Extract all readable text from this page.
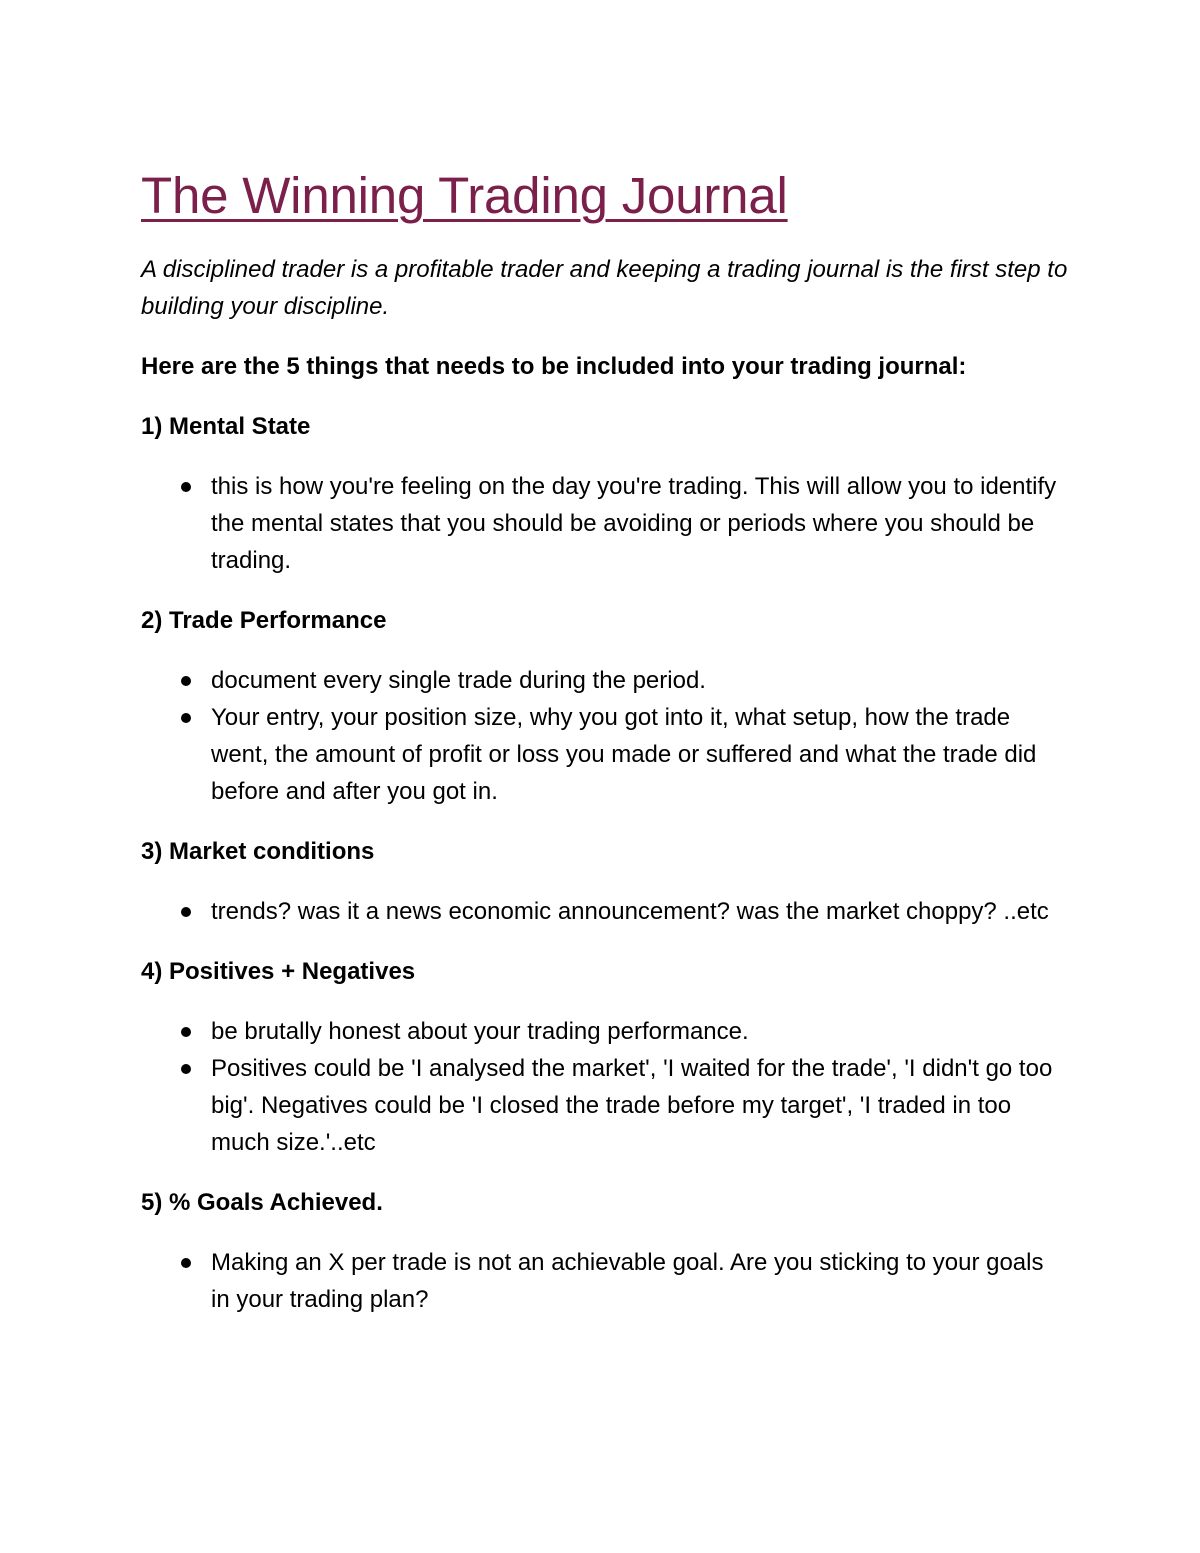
The Winning Trading Journal

A disciplined trader is a profitable trader and keeping a trading journal is the first step to building your discipline.

Here are the 5 things that needs to be included into your trading journal:

1) Mental State

this is how you're feeling on the day you're trading. This will allow you to identify the mental states that you should be avoiding or periods where you should be trading.

2) Trade Performance

document every single trade during the period.
Your entry, your position size, why you got into it, what setup, how the trade went, the amount of profit or loss you made or suffered and what the trade did before and after you got in.

3) Market conditions

trends? was it a news economic announcement? was the market choppy? ..etc

4) Positives + Negatives

be brutally honest about your trading performance.
Positives could be 'I analysed the market', 'I waited for the trade', 'I didn't go too big'. Negatives could be 'I closed the trade before my target', 'I traded in too much size.'..etc

5) % Goals Achieved.

Making an X per trade is not an achievable goal. Are you sticking to your goals in your trading plan?
